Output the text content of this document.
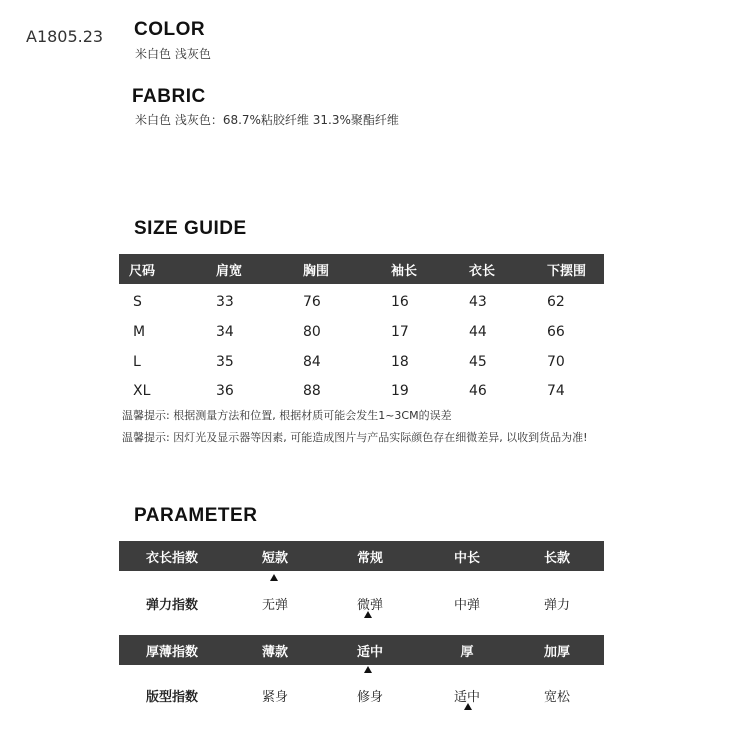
A1805.23 COLOR
米白色 浅灰色
FABRIC
米白色 浅灰色：68.7%粘胶纤维 31.3%聚酯纤维
SIZE GUIDE
尺码	肩宽	胸围	袖长	衣长	下摆围
S	33	76	16	43	62
M	34	80	17	44	66
L	35	84	18	45	70
XL	36	88	19	46	74
温馨提示: 根据测量方法和位置, 根据材质可能会发生1~3CM的误差
温馨提示: 因灯光及显示器等因素, 可能造成图片与产品实际颜色存在细微差异, 以收到货品为准!
PARAMETER
衣长指数	短款	常规	中长	长款
弹力指数	无弹	微弹	中弹	弹力
厚薄指数	薄款	适中	厚	加厚
版型指数	紧身	修身	适中	宽松
